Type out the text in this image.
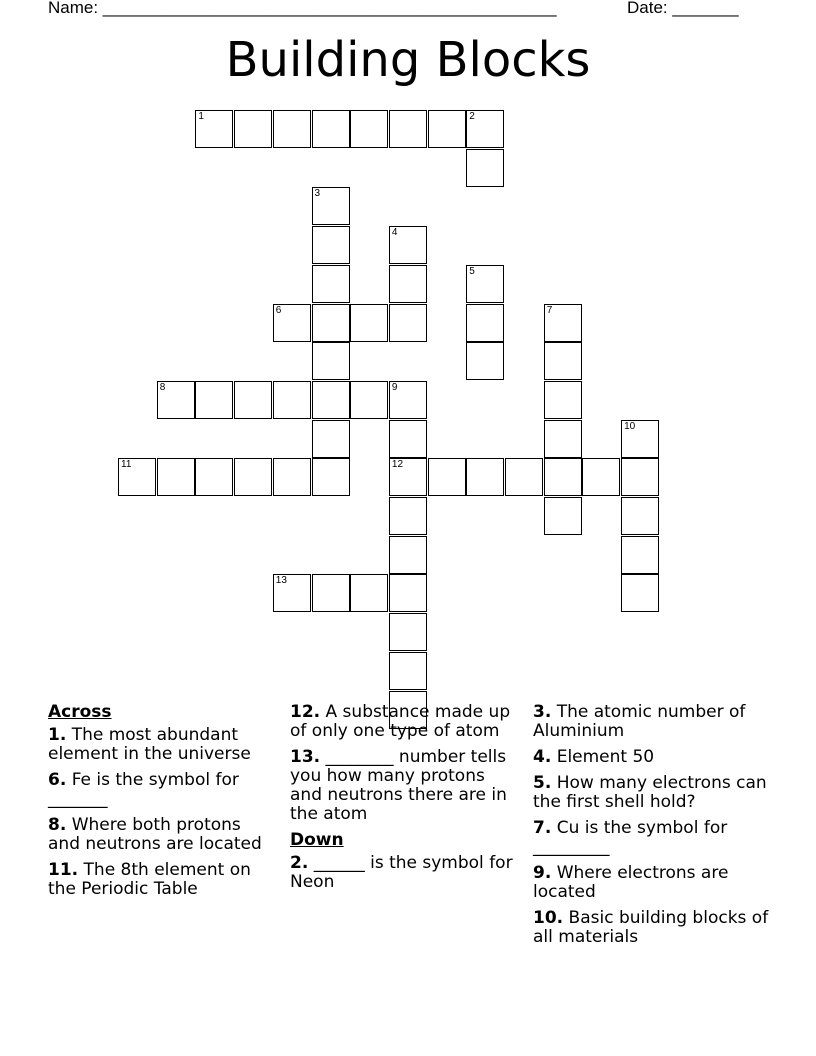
Name: ________________________________________________	Date: _______
Building Blocks
1	2
6
8	9
11	12
13
3
4
5
7
10
Across
1. The most abundant element in the universe
6. Fe is the symbol for _______
8. Where both protons and neutrons are located
11. The 8th element on the Periodic Table
12. A substance made up of only one type of atom
13. ________ number tells you how many protons and neutrons there are in the atom
Down
2. ______ is the symbol for Neon
3. The atomic number of Aluminium
4. Element 50
5. How many electrons can the first shell hold?
7. Cu is the symbol for _________
9. Where electrons are located
10. Basic building blocks of all materials
